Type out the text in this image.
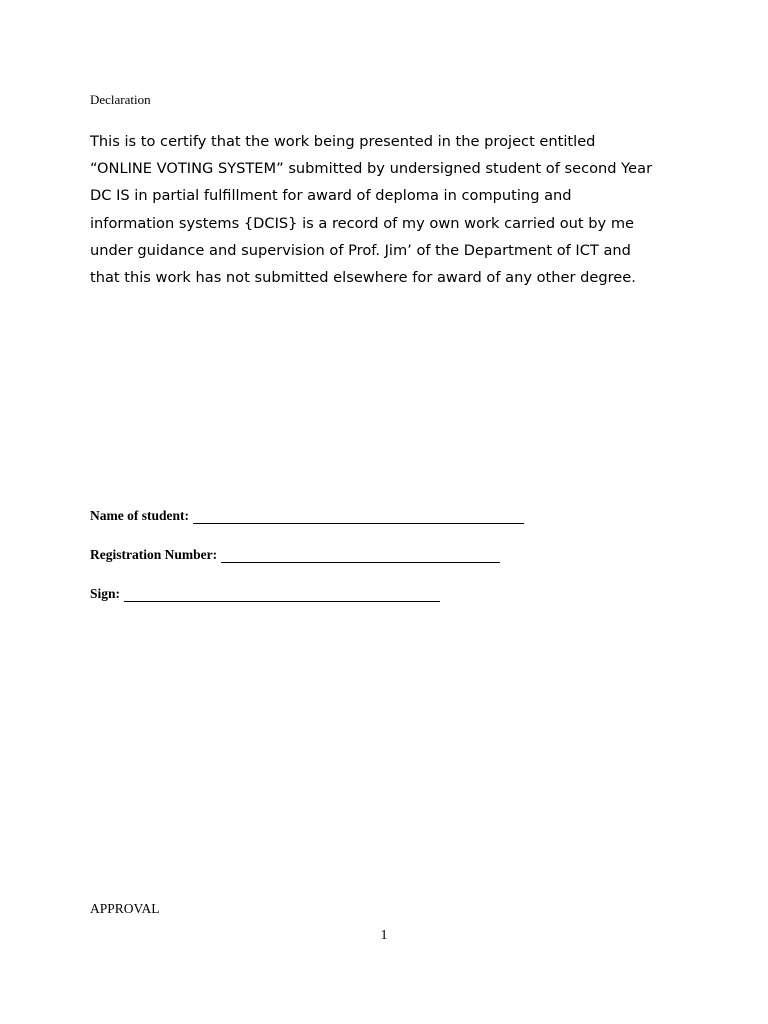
Declaration

This is to certify that the work being presented in the project entitled
“ONLINE VOTING SYSTEM” submitted by undersigned student of second Year
DC IS in partial fulfillment for award of deploma in computing and
information systems {DCIS} is a record of my own work carried out by me
under guidance and supervision of Prof. Jim’ of the Department of ICT and
that this work has not submitted elsewhere for award of any other degree.

Name of student:
Registration Number:
Sign:

APPROVAL

1
